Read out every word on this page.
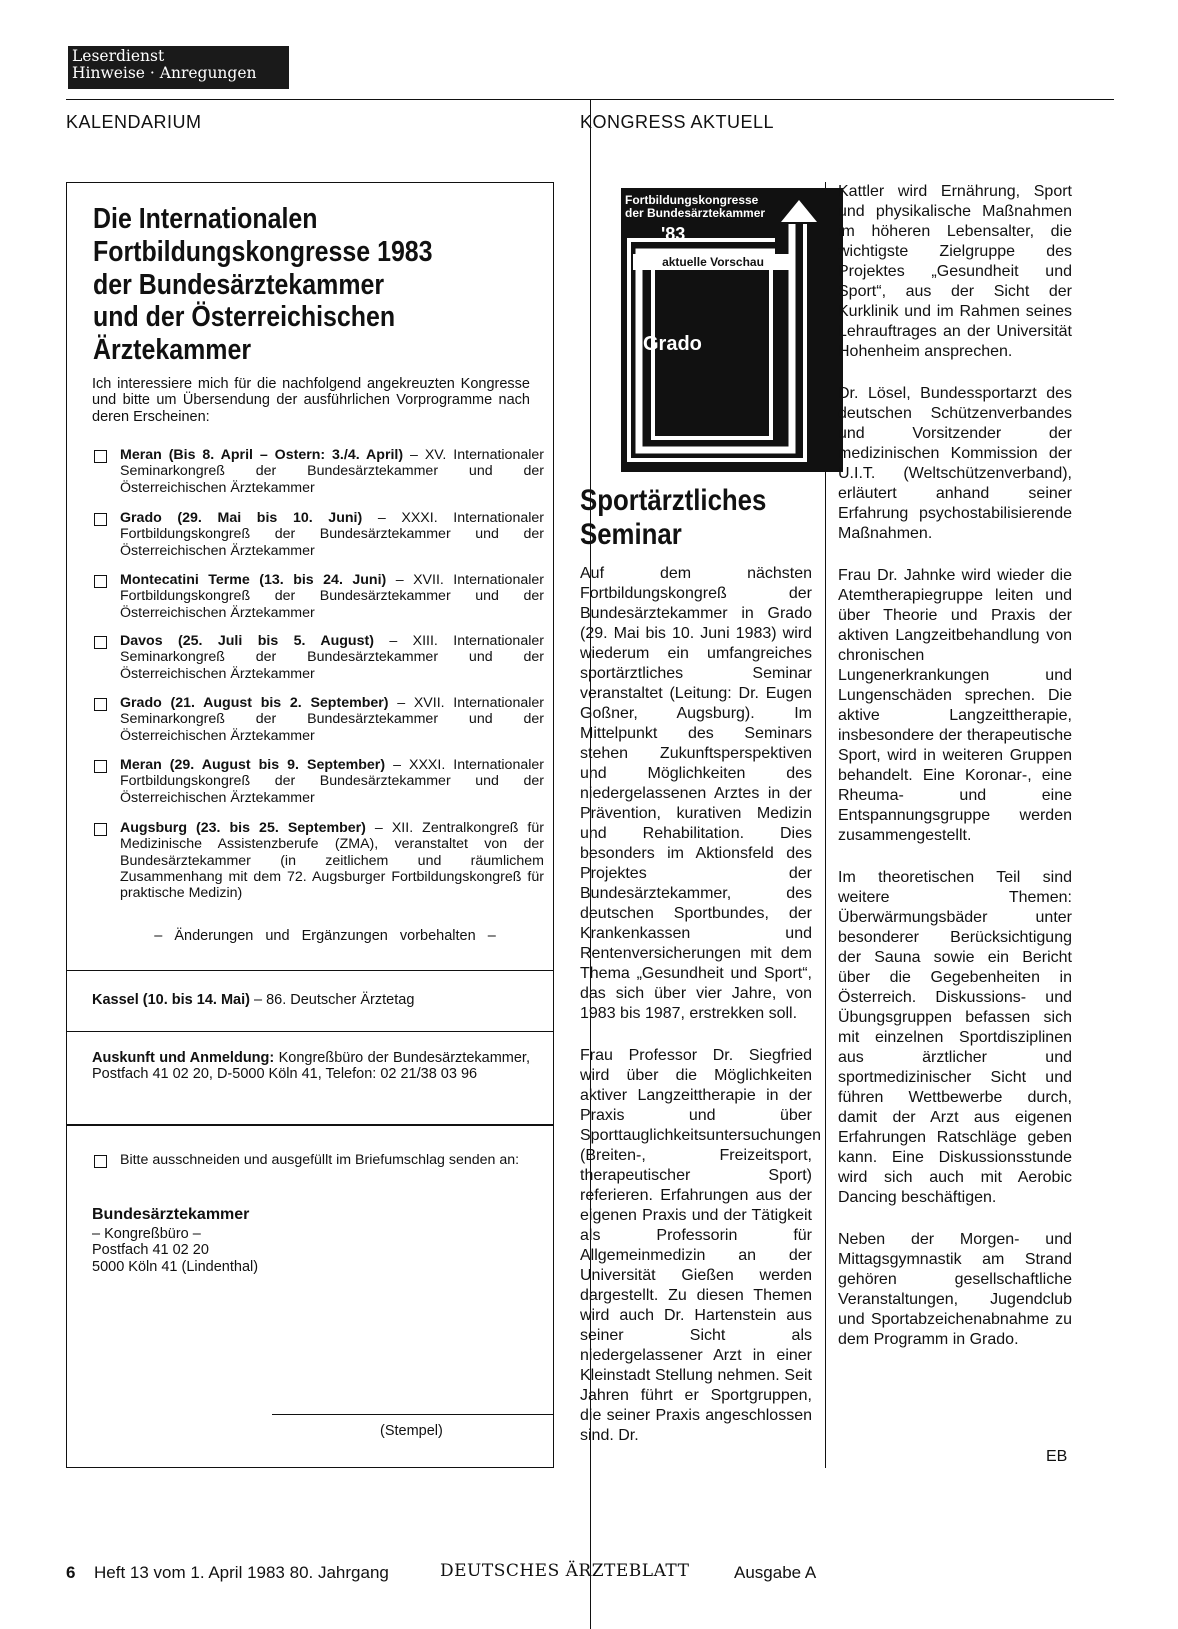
Leserdienst
Hinweise · Anregungen
KALENDARIUM	KONGRESS AKTUELL
Die Internationalen
Fortbildungskongresse 1983
der Bundesärztekammer
und der Österreichischen
Ärztekammer
Ich interessiere mich für die nachfolgend angekreuzten Kongresse und bitte um Übersendung der ausführlichen Vorprogramme nach deren Erscheinen:
Meran (Bis 8. April – Ostern: 3./4. April) – XV. Internationaler Seminarkongreß der Bundesärztekammer und der Österreichischen Ärztekammer
Grado (29. Mai bis 10. Juni) – XXXI. Internationaler Fortbildungskongreß der Bundesärztekammer und der Österreichischen Ärztekammer
Montecatini Terme (13. bis 24. Juni) – XVII. Internationaler Fortbildungskongreß der Bundesärztekammer und der Österreichischen Ärztekammer
Davos (25. Juli bis 5. August) – XIII. Internationaler Seminarkongreß der Bundesärztekammer und der Österreichischen Ärztekammer
Grado (21. August bis 2. September) – XVII. Internationaler Seminarkongreß der Bundesärztekammer und der Österreichischen Ärztekammer
Meran (29. August bis 9. September) – XXXI. Internationaler Fortbildungskongreß der Bundesärztekammer und der Österreichischen Ärztekammer
Augsburg (23. bis 25. September) – XII. Zentralkongreß für Medizinische Assistenzberufe (ZMA), veranstaltet von der Bundesärztekammer (in zeitlichem und räumlichem Zusammenhang mit dem 72. Augsburger Fortbildungskongreß für praktische Medizin)
– Änderungen und Ergänzungen vorbehalten –
Kassel (10. bis 14. Mai) – 86. Deutscher Ärztetag
Auskunft und Anmeldung: Kongreßbüro der Bundesärztekammer, Postfach 41 02 20, D-5000 Köln 41, Telefon: 02 21/38 03 96
Bitte ausschneiden und ausgefüllt im Briefumschlag senden an:
Bundesärztekammer
– Kongreßbüro –
Postfach 41 02 20
5000 Köln 41 (Lindenthal)
(Stempel)
Fortbildungskongresse
der Bundesärztekammer
'83
aktuelle Vorschau
Grado
Sportärztliches
Seminar

Auf dem nächsten Fortbildungskongreß der Bundesärztekammer in Grado (29. Mai bis 10. Juni 1983) wird wiederum ein umfangreiches sportärztliches Seminar veranstaltet (Leitung: Dr. Eugen Goßner, Augsburg). Im Mittelpunkt des Seminars stehen Zukunftsperspektiven und Möglichkeiten des niedergelassenen Arztes in der Prävention, kurativen Medizin und Rehabilitation. Dies besonders im Aktionsfeld des Projektes der Bundesärztekammer, des deutschen Sportbundes, der Krankenkassen und Rentenversicherungen mit dem Thema „Gesundheit und Sport“, das sich über vier Jahre, von 1983 bis 1987, erstrekken soll.

Frau Professor Dr. Siegfried wird über die Möglichkeiten aktiver Langzeittherapie in der Praxis und über Sporttauglichkeitsuntersuchungen (Breiten-, Freizeitsport, therapeutischer Sport) referieren. Erfahrungen aus der eigenen Praxis und der Tätigkeit als Professorin für Allgemeinmedizin an der Universität Gießen werden dargestellt. Zu diesen Themen wird auch Dr. Hartenstein aus seiner Sicht als niedergelassener Arzt in einer Kleinstadt Stellung nehmen. Seit Jahren führt er Sportgruppen, die seiner Praxis angeschlossen sind. Dr.

Kattler wird Ernährung, Sport und physikalische Maßnahmen im höheren Lebensalter, die wichtigste Zielgruppe des Projektes „Gesundheit und Sport“, aus der Sicht der Kurklinik und im Rahmen seines Lehrauftrages an der Universität Hohenheim ansprechen.

Dr. Lösel, Bundessportarzt des deutschen Schützenverbandes und Vorsitzender der medizinischen Kommission der U.I.T. (Weltschützenverband), erläutert anhand seiner Erfahrung psychostabilisierende Maßnahmen.

Frau Dr. Jahnke wird wieder die Atemtherapiegruppe leiten und über Theorie und Praxis der aktiven Langzeitbehandlung von chronischen Lungenerkrankungen und Lungenschäden sprechen. Die aktive Langzeittherapie, insbesondere der therapeutische Sport, wird in weiteren Gruppen behandelt. Eine Koronar-, eine Rheuma- und eine Entspannungsgruppe werden zusammengestellt.

Im theoretischen Teil sind weitere Themen: Überwärmungsbäder unter besonderer Berücksichtigung der Sauna sowie ein Bericht über die Gegebenheiten in Österreich. Diskussions- und Übungsgruppen befassen sich mit einzelnen Sportdisziplinen aus ärztlicher und sportmedizinischer Sicht und führen Wettbewerbe durch, damit der Arzt aus eigenen Erfahrungen Ratschläge geben kann. Eine Diskussionsstunde wird sich auch mit Aerobic Dancing beschäftigen.

Neben der Morgen- und Mittagsgymnastik am Strand gehören gesellschaftliche Veranstaltungen, Jugendclub und Sportabzeichenabnahme zu dem Programm in Grado.

EB
6 Heft 13 vom 1. April 1983 80. Jahrgang	DEUTSCHES ÄRZTEBLATT	Ausgabe A
